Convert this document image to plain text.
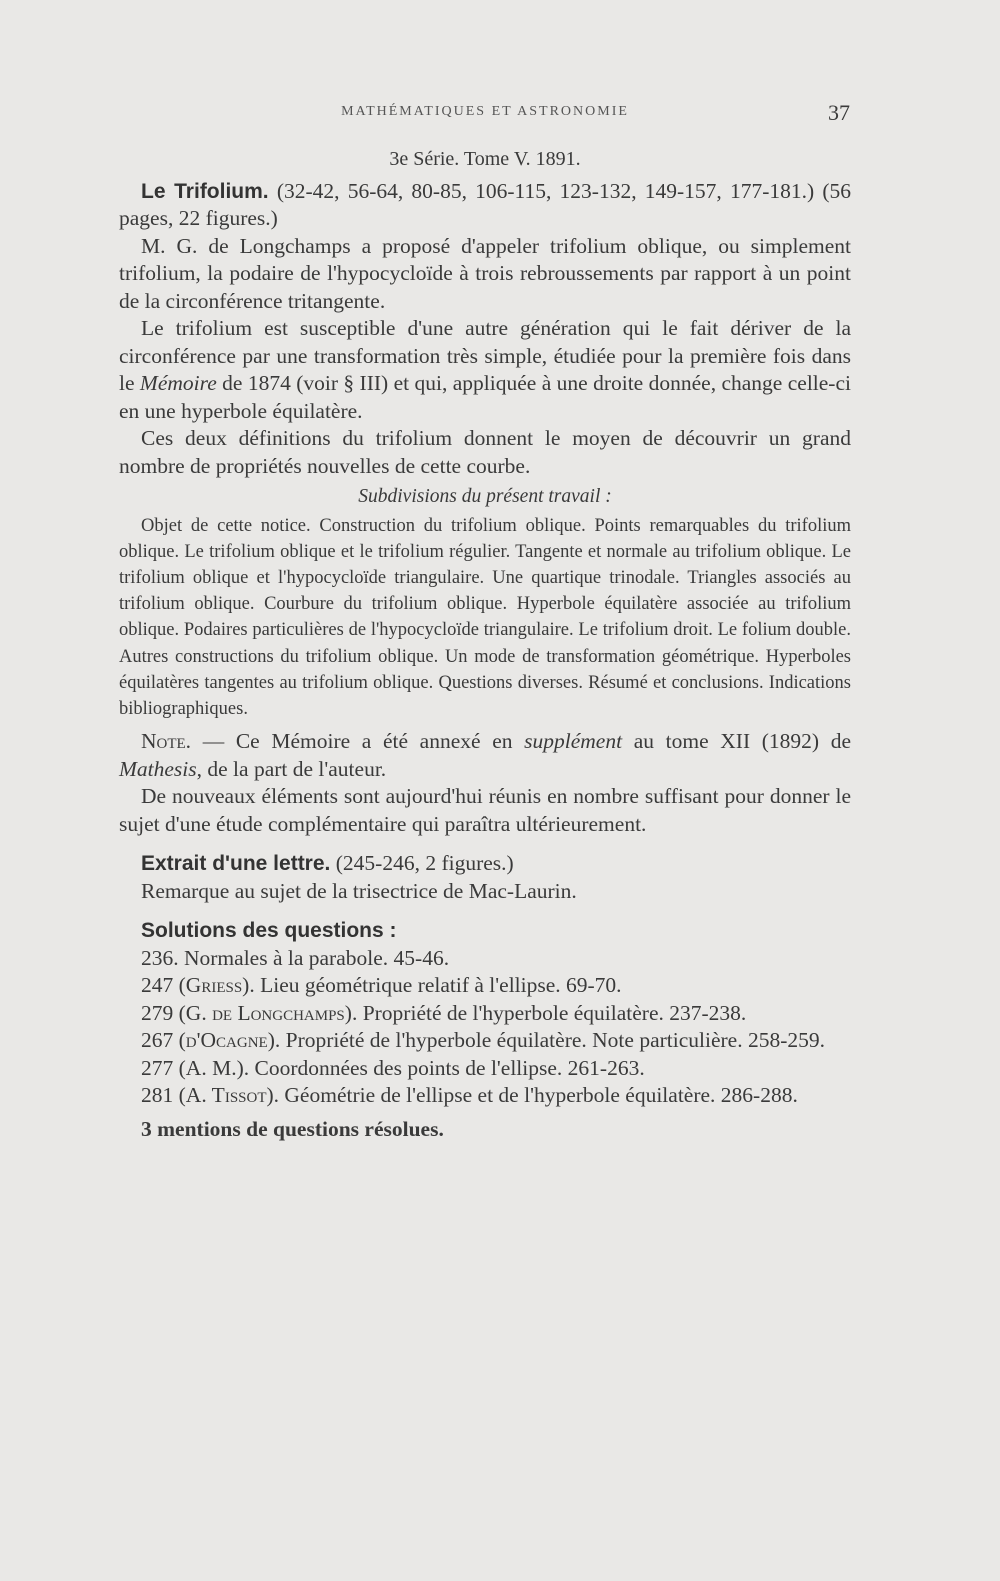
MATHÉMATIQUES ET ASTRONOMIE	37

3e Série. Tome V. 1891.

Le Trifolium. (32-42, 56-64, 80-85, 106-115, 123-132, 149-157, 177-181.) (56 pages, 22 figures.)

M. G. de Longchamps a proposé d'appeler trifolium oblique, ou simplement trifolium, la podaire de l'hypocycloïde à trois rebroussements par rapport à un point de la circonférence tritangente.

Le trifolium est susceptible d'une autre génération qui le fait dériver de la circonférence par une transformation très simple, étudiée pour la première fois dans le Mémoire de 1874 (voir § III) et qui, appliquée à une droite donnée, change celle-ci en une hyperbole équilatère.

Ces deux définitions du trifolium donnent le moyen de découvrir un grand nombre de propriétés nouvelles de cette courbe.

Subdivisions du présent travail :

Objet de cette notice. Construction du trifolium oblique. Points remarquables du trifolium oblique. Le trifolium oblique et le trifolium régulier. Tangente et normale au trifolium oblique. Le trifolium oblique et l'hypocycloïde triangulaire. Une quartique trinodale. Triangles associés au trifolium oblique. Courbure du trifolium oblique. Hyperbole équilatère associée au trifolium oblique. Podaires particulières de l'hypocycloïde triangulaire. Le trifolium droit. Le folium double. Autres constructions du trifolium oblique. Un mode de transformation géométrique. Hyperboles équilatères tangentes au trifolium oblique. Questions diverses. Résumé et conclusions. Indications bibliographiques.

Note. — Ce Mémoire a été annexé en supplément au tome XII (1892) de Mathesis, de la part de l'auteur.

De nouveaux éléments sont aujourd'hui réunis en nombre suffisant pour donner le sujet d'une étude complémentaire qui paraîtra ultérieurement.

Extrait d'une lettre. (245-246, 2 figures.)

Remarque au sujet de la trisectrice de Mac-Laurin.

Solutions des questions :

236. Normales à la parabole. 45-46.

247 (Griess). Lieu géométrique relatif à l'ellipse. 69-70.

279 (G. de Longchamps). Propriété de l'hyperbole équilatère. 237-238.

267 (d'Ocagne). Propriété de l'hyperbole équilatère. Note particulière. 258-259.

277 (A. M.). Coordonnées des points de l'ellipse. 261-263.

281 (A. Tissot). Géométrie de l'ellipse et de l'hyperbole équilatère. 286-288.

3 mentions de questions résolues.
